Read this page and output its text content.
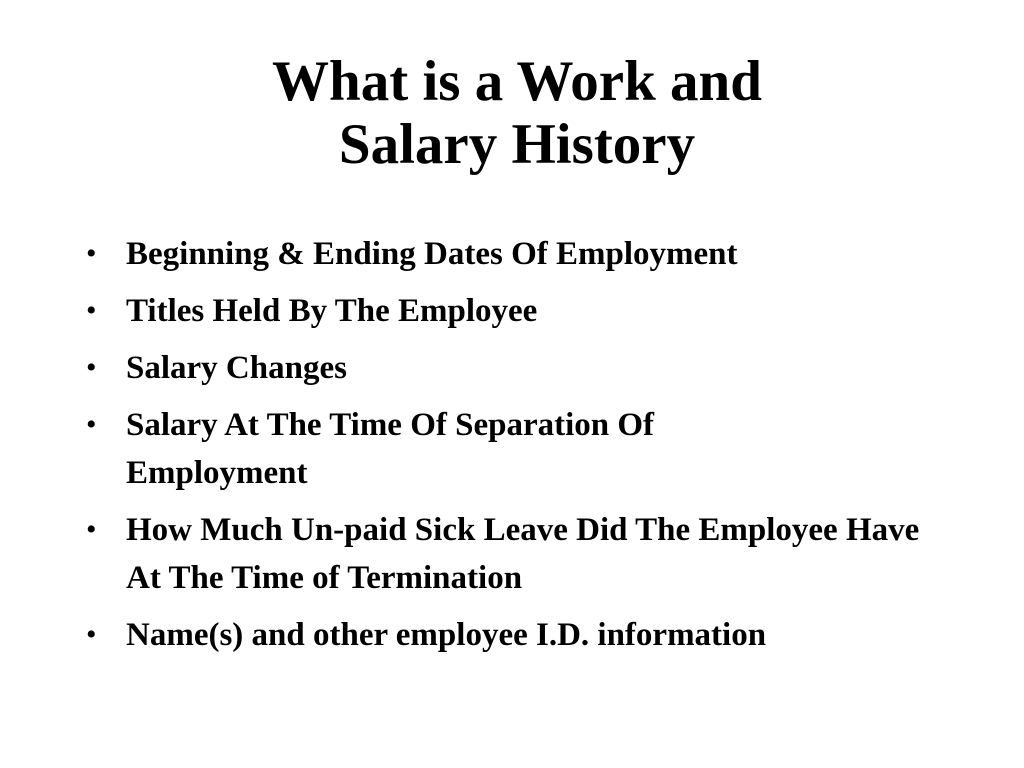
What is a Work and
Salary History
• Beginning & Ending Dates Of Employment
• Titles Held By The Employee
• Salary Changes
• Salary At The Time Of Separation Of Employment
• How Much Un-paid Sick Leave Did The Employee Have At The Time of Termination
• Name(s) and other employee I.D. information
